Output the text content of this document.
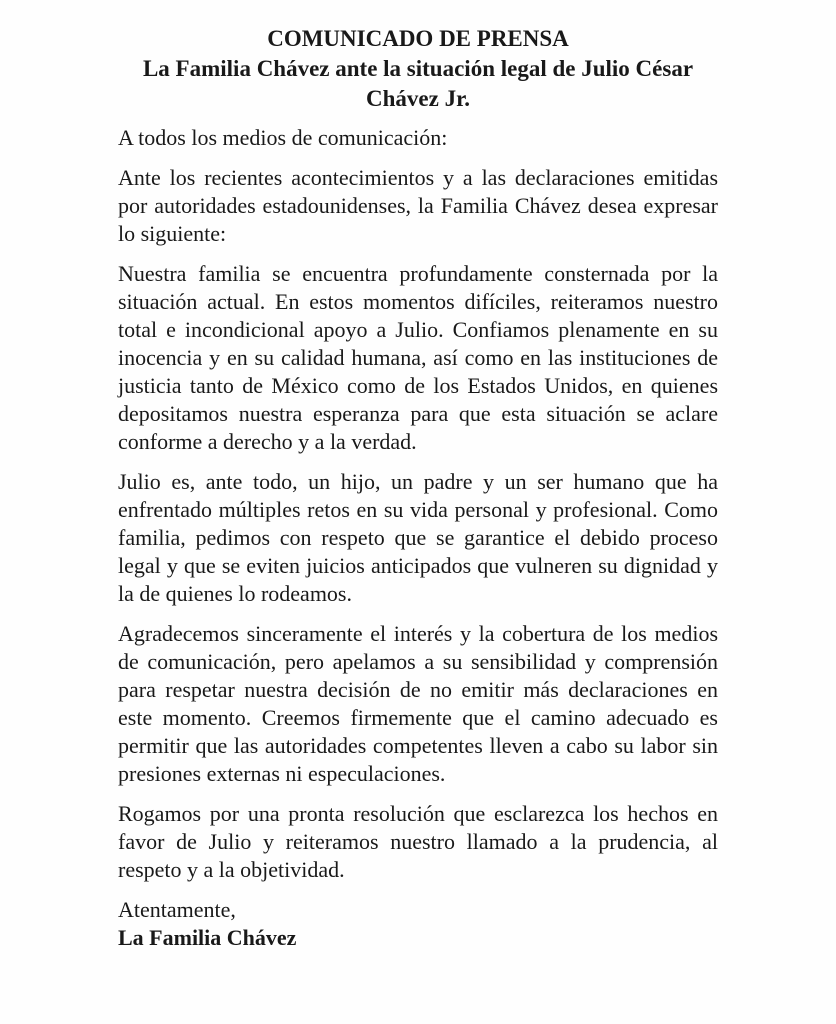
COMUNICADO DE PRENSA
La Familia Chávez ante la situación legal de Julio César Chávez Jr.

A todos los medios de comunicación:

Ante los recientes acontecimientos y a las declaraciones emitidas por autoridades estadounidenses, la Familia Chávez desea expresar lo siguiente:

Nuestra familia se encuentra profundamente consternada por la situación actual. En estos momentos difíciles, reiteramos nuestro total e incondicional apoyo a Julio. Confiamos plenamente en su inocencia y en su calidad humana, así como en las instituciones de justicia tanto de México como de los Estados Unidos, en quienes depositamos nuestra esperanza para que esta situación se aclare conforme a derecho y a la verdad.

Julio es, ante todo, un hijo, un padre y un ser humano que ha enfrentado múltiples retos en su vida personal y profesional. Como familia, pedimos con respeto que se garantice el debido proceso legal y que se eviten juicios anticipados que vulneren su dignidad y la de quienes lo rodeamos.

Agradecemos sinceramente el interés y la cobertura de los medios de comunicación, pero apelamos a su sensibilidad y comprensión para respetar nuestra decisión de no emitir más declaraciones en este momento. Creemos firmemente que el camino adecuado es permitir que las autoridades competentes lleven a cabo su labor sin presiones externas ni especulaciones.

Rogamos por una pronta resolución que esclarezca los hechos en favor de Julio y reiteramos nuestro llamado a la prudencia, al respeto y a la objetividad.

Atentamente,

La Familia Chávez
